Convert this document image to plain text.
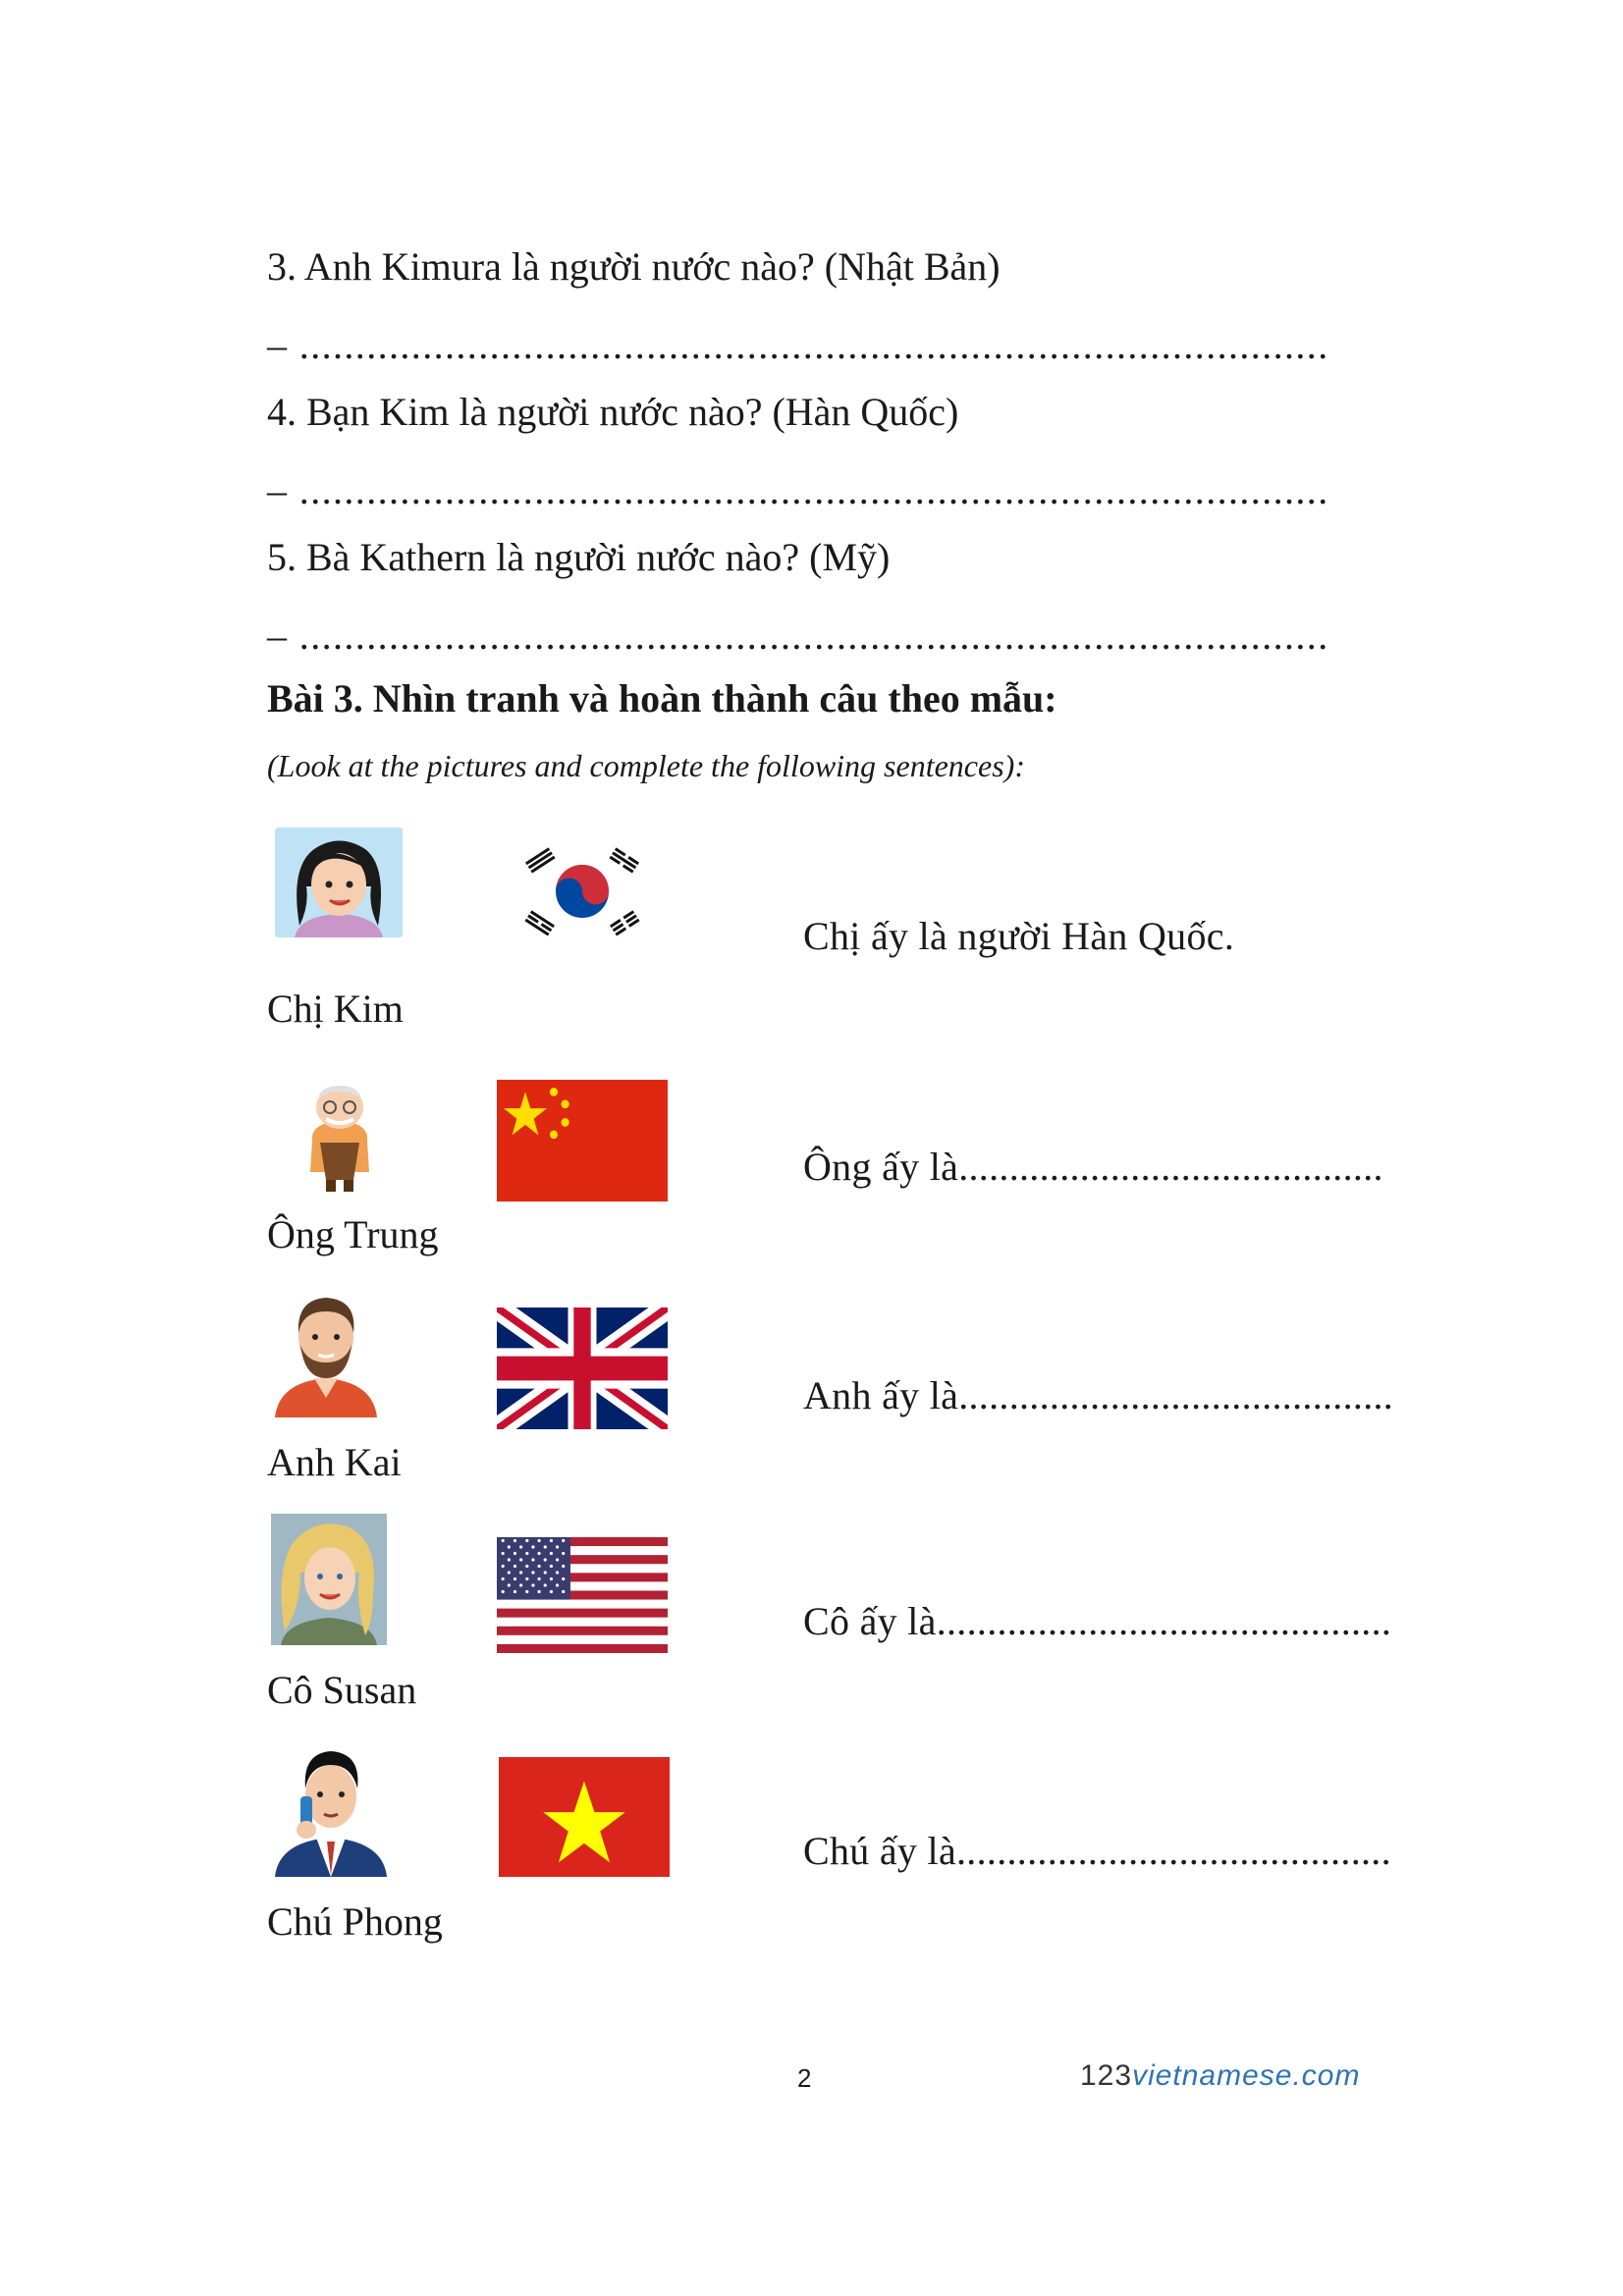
3. Anh Kimura là người nước nào? (Nhật Bản)
– ............................................................................................
4. Bạn Kim là người nước nào? (Hàn Quốc)
– ............................................................................................
5. Bà Kathern là người nước nào? (Mỹ)
– ............................................................................................
Bài 3. Nhìn tranh và hoàn thành câu theo mẫu:
(Look at the pictures and complete the following sentences):
Chị ấy là người Hàn Quốc.
Chị Kim
Ông ấy là..........................................
Ông Trung
Anh ấy là...........................................
Anh Kai
Cô ấy là.............................................
Cô Susan
Chú ấy là...........................................
Chú Phong
2	123vietnamese.com
